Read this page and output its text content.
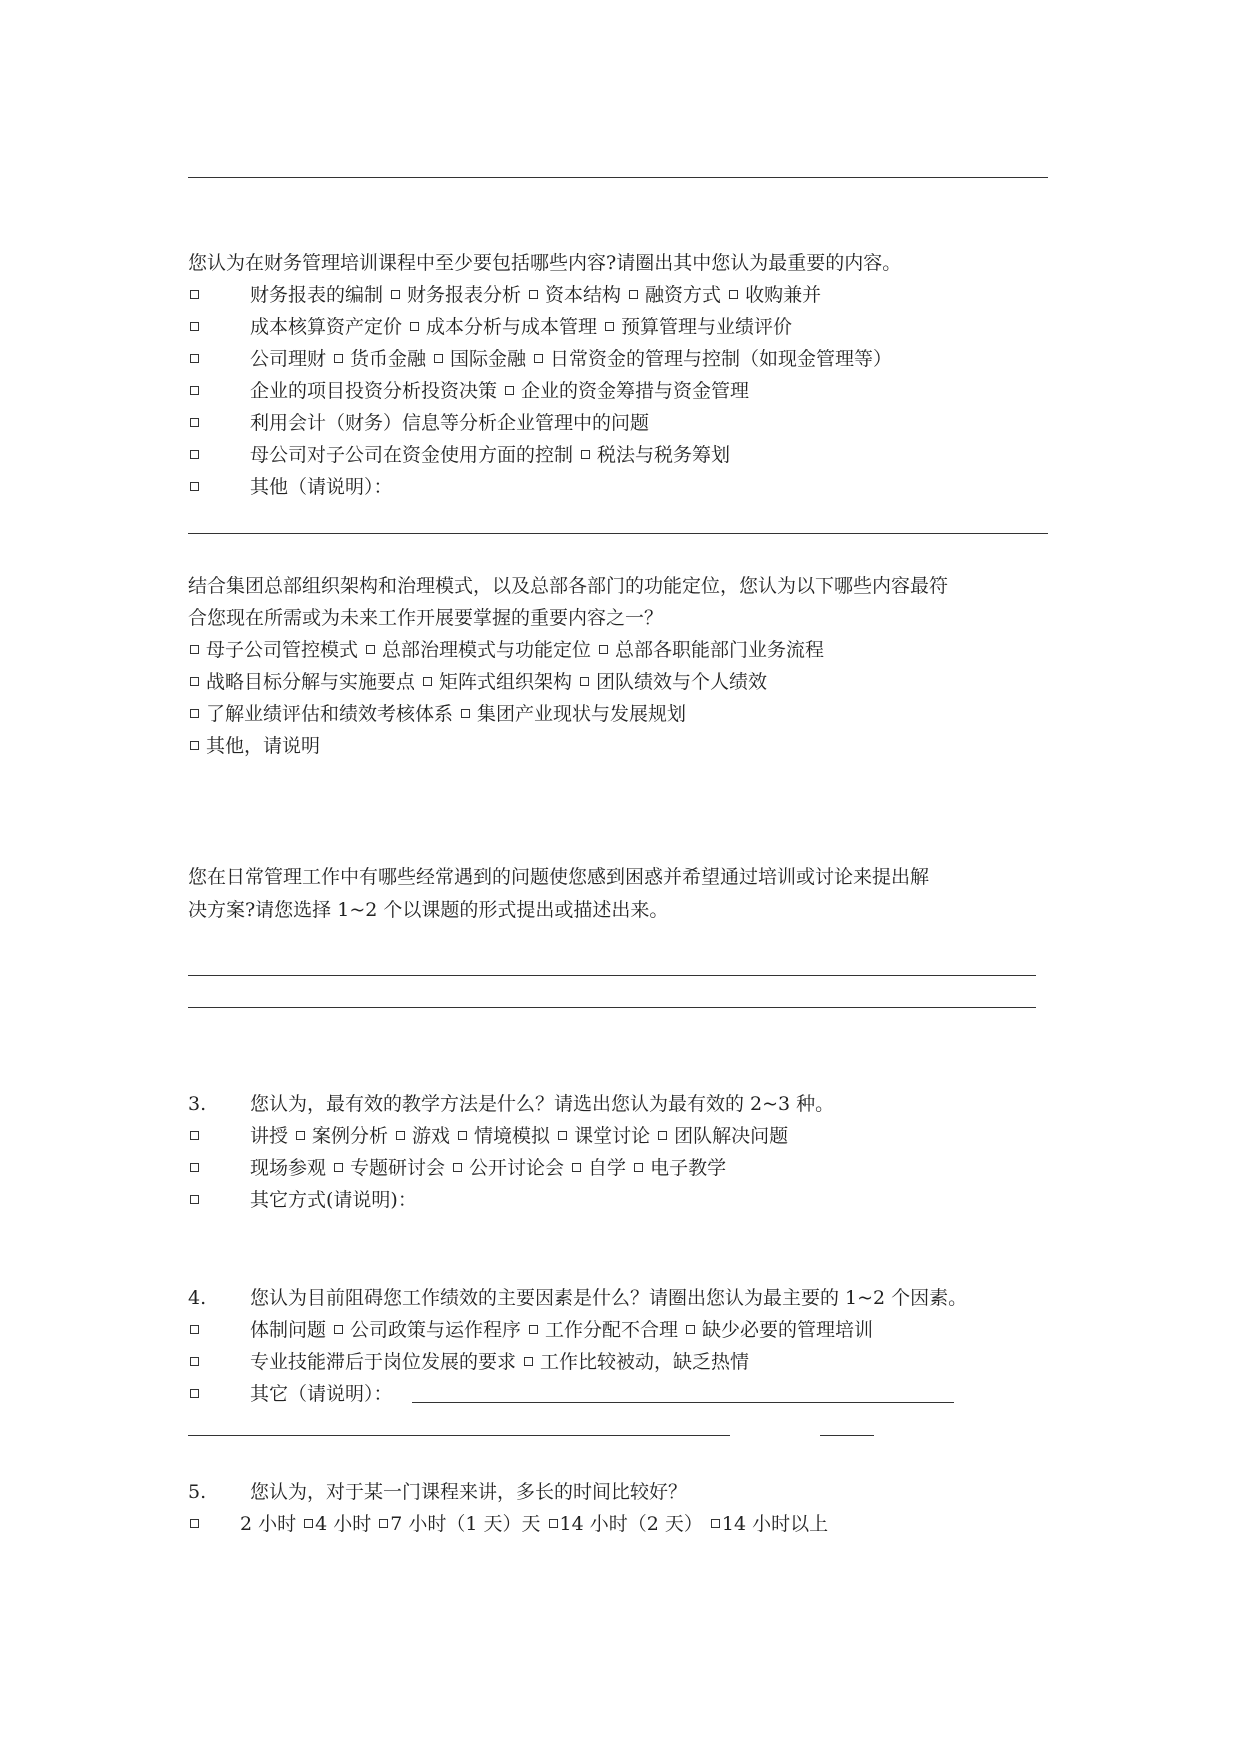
您认为在财务管理培训课程中至少要包括哪些内容?请圈出其中您认为最重要的内容。
财务报表的编制 财务报表分析 资本结构 融资方式 收购兼并
成本核算资产定价 成本分析与成本管理 预算管理与业绩评价
公司理财 货币金融 国际金融 日常资金的管理与控制（如现金管理等）
企业的项目投资分析投资决策 企业的资金筹措与资金管理
利用会计（财务）信息等分析企业管理中的问题
母公司对子公司在资金使用方面的控制 税法与税务筹划
其他（请说明）：
结合集团总部组织架构和治理模式，以及总部各部门的功能定位，您认为以下哪些内容最符
合您现在所需或为未来工作开展要掌握的重要内容之一？
母子公司管控模式 总部治理模式与功能定位 总部各职能部门业务流程
战略目标分解与实施要点 矩阵式组织架构 团队绩效与个人绩效
了解业绩评估和绩效考核体系 集团产业现状与发展规划
其他，请说明
您在日常管理工作中有哪些经常遇到的问题使您感到困惑并希望通过培训或讨论来提出解
决方案?请您选择 1~2 个以课题的形式提出或描述出来。
3. 您认为，最有效的教学方法是什么？请选出您认为最有效的 2~3 种。
讲授 案例分析 游戏 情境模拟 课堂讨论 团队解决问题
现场参观 专题研讨会 公开讨论会 自学 电子教学
其它方式(请说明)：
4. 您认为目前阻碍您工作绩效的主要因素是什么？请圈出您认为最主要的 1~2 个因素。
体制问题 公司政策与运作程序 工作分配不合理 缺少必要的管理培训
专业技能滞后于岗位发展的要求 工作比较被动，缺乏热情
其它（请说明）：
5. 您认为，对于某一门课程来讲，多长的时间比较好？
2 小时 4 小时 7 小时（1 天）天 14 小时（2 天） 14 小时以上
